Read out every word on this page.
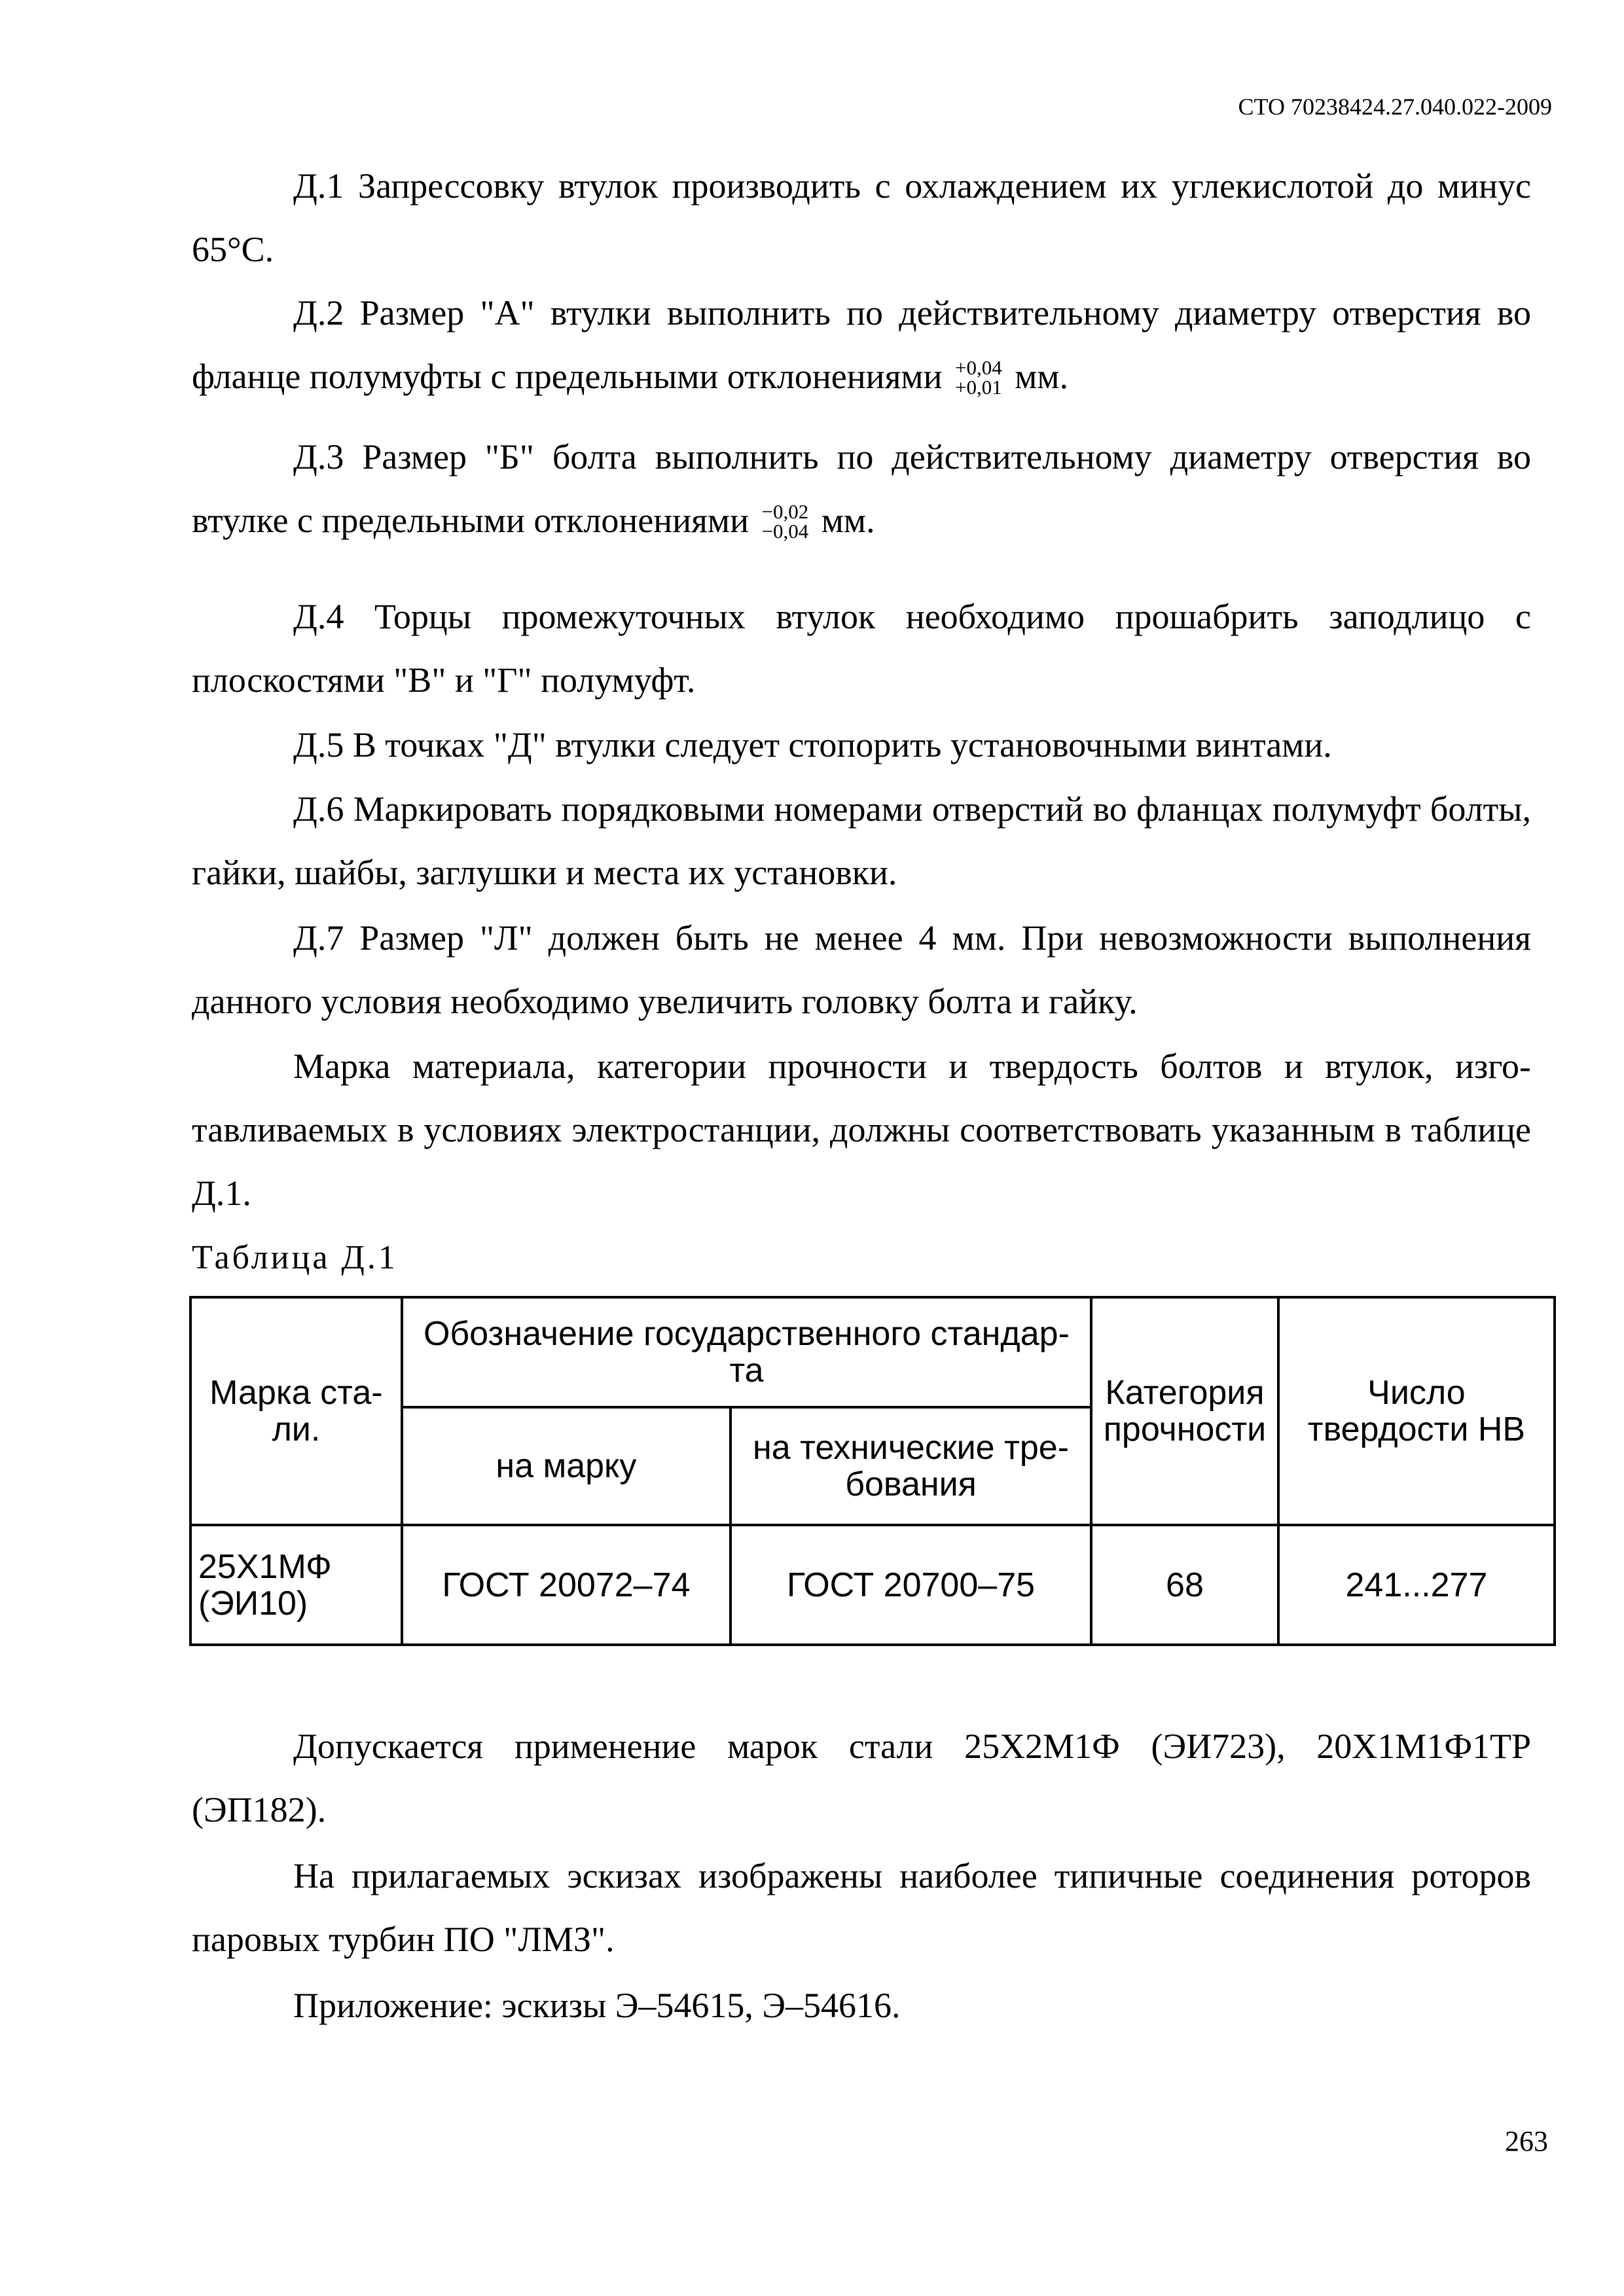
СТО 70238424.27.040.022-2009

Д.1 Запрессовку втулок производить с охлаждением их углекислотой до минус 65°С.

Д.2 Размер "А" втулки выполнить по действительному диаметру отверстия во фланце полумуфты с предельными отклонениями +0,04
+0,01 мм.

Д.3 Размер "Б" болта выполнить по действительному диаметру отверстия во втулке с предельными отклонениями −0,02
−0,04 мм.

Д.4 Торцы промежуточных втулок необходимо прошабрить заподлицо с плоскостями "В" и "Г" полумуфт.

Д.5 В точках "Д" втулки следует стопорить установочными винтами.

Д.6 Маркировать порядковыми номерами отверстий во фланцах полумуфт болты, гайки, шайбы, заглушки и места их установки.

Д.7 Размер "Л" должен быть не менее 4 мм. При невозможности выполнения данного условия необходимо увеличить головку болта и гайку.

Марка материала, категории прочности и твердость болтов и втулок, изготавливаемых в условиях электростанции, должны соответствовать указанным в таблице Д.1.

Таблица Д.1
Марка ста-ли.	Обозначение государственного стандар-та		Категория прочности	Число твердости НВ
	на марку	на технические тре-бования		
25Х1МФ (ЭИ10)	ГОСТ 20072–74	ГОСТ 20700–75	68	241...277

Допускается применение марок стали 25Х2М1Ф (ЭИ723), 20Х1М1Ф1ТР (ЭП182).

На прилагаемых эскизах изображены наиболее типичные соединения роторов паровых турбин ПО "ЛМЗ".

Приложение: эскизы Э–54615, Э–54616.

263
